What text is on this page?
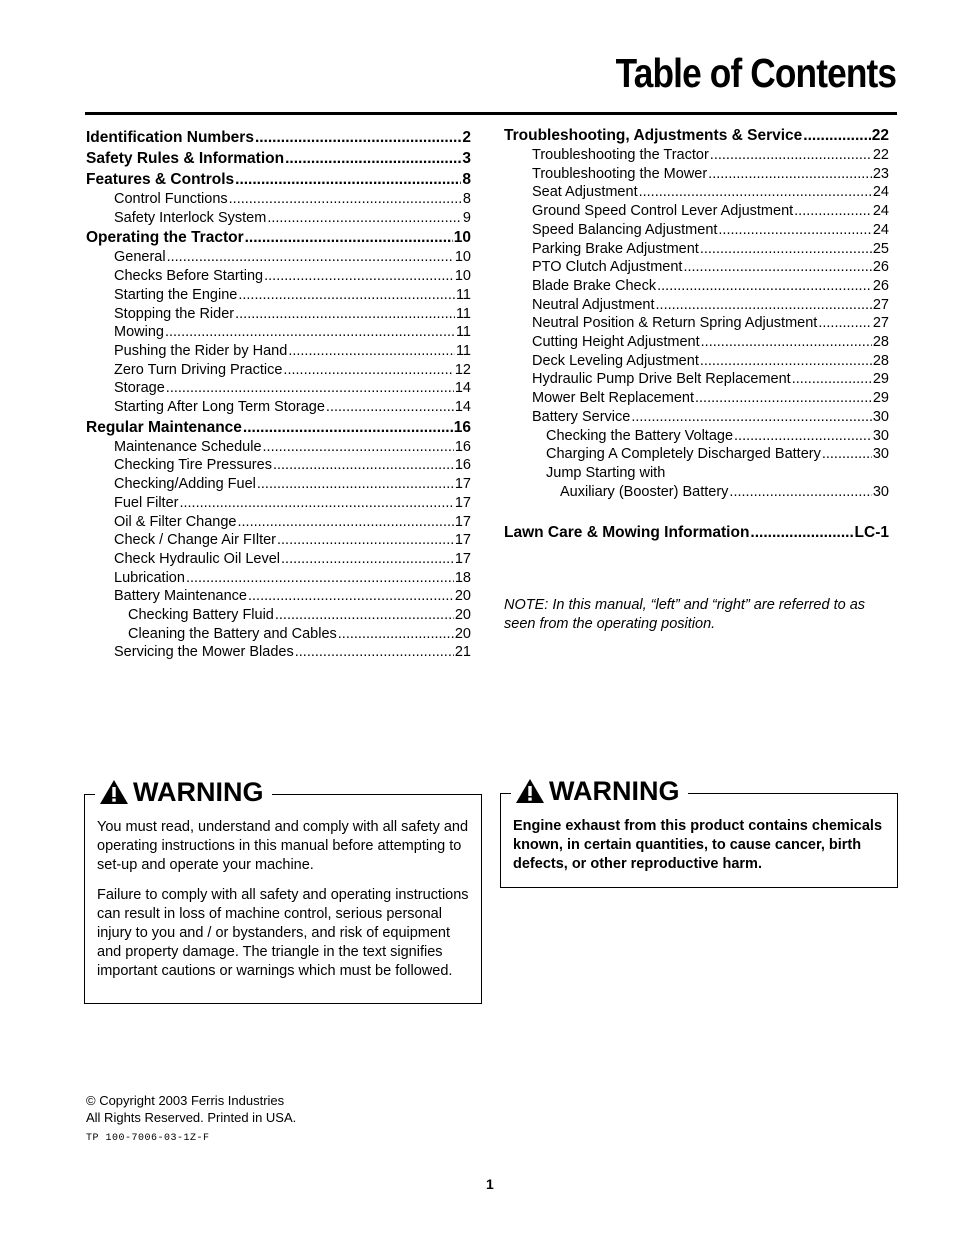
Table of Contents
Identification Numbers .....	2
Safety Rules & Information .....	3
Features & Controls .....	8
Control Functions .....	8
Safety Interlock System .....	9
Operating the Tractor .....	10
General .....	10
Checks Before Starting .....	10
Starting the Engine .....	11
Stopping the Rider .....	11
Mowing .....	11
Pushing the Rider by Hand .....	11
Zero Turn Driving Practice .....	12
Storage .....	14
Starting After Long Term Storage .....	14
Regular Maintenance .....	16
Maintenance Schedule .....	16
Checking Tire Pressures .....	16
Checking/Adding Fuel .....	17
Fuel Filter .....	17
Oil & Filter Change .....	17
Check / Change Air FIlter .....	17
Check Hydraulic Oil Level .....	17
Lubrication .....	18
Battery Maintenance .....	20
Checking Battery Fluid .....	20
Cleaning the Battery and Cables .....	20
Servicing the Mower Blades .....	21
Troubleshooting, Adjustments & Service .....	22
Troubleshooting the Tractor .....	22
Troubleshooting the Mower .....	23
Seat Adjustment .....	24
Ground Speed Control Lever Adjustment .....	24
Speed Balancing Adjustment .....	24
Parking Brake Adjustment .....	25
PTO Clutch Adjustment .....	26
Blade Brake Check .....	26
Neutral Adjustment .....	27
Neutral Position & Return Spring Adjustment .....	27
Cutting Height Adjustment .....	28
Deck Leveling Adjustment .....	28
Hydraulic Pump Drive Belt Replacement .....	29
Mower Belt Replacement .....	29
Battery Service .....	30
Checking the Battery Voltage .....	30
Charging A Completely Discharged Battery .....	30
Jump Starting with
Auxiliary (Booster) Battery .....	30
Lawn Care & Mowing Information .....	LC-1
NOTE: In this manual, “left” and “right” are referred to as seen from the operating position.
WARNING

You must read, understand and comply with all safety and operating instructions in this manual before attempting to set-up and operate your machine.

Failure to comply with all safety and operating instructions can result in loss of machine control, serious personal injury to you and / or bystanders, and risk of equipment and property damage. The triangle in the text signifies important cautions or warnings which must be followed.

WARNING

Engine exhaust from this product contains chemicals known, in certain quantities, to cause cancer, birth defects, or other reproductive harm.

© Copyright 2003 Ferris Industries
All Rights Reserved. Printed in USA.
TP 100-7006-03-1Z-F
1
